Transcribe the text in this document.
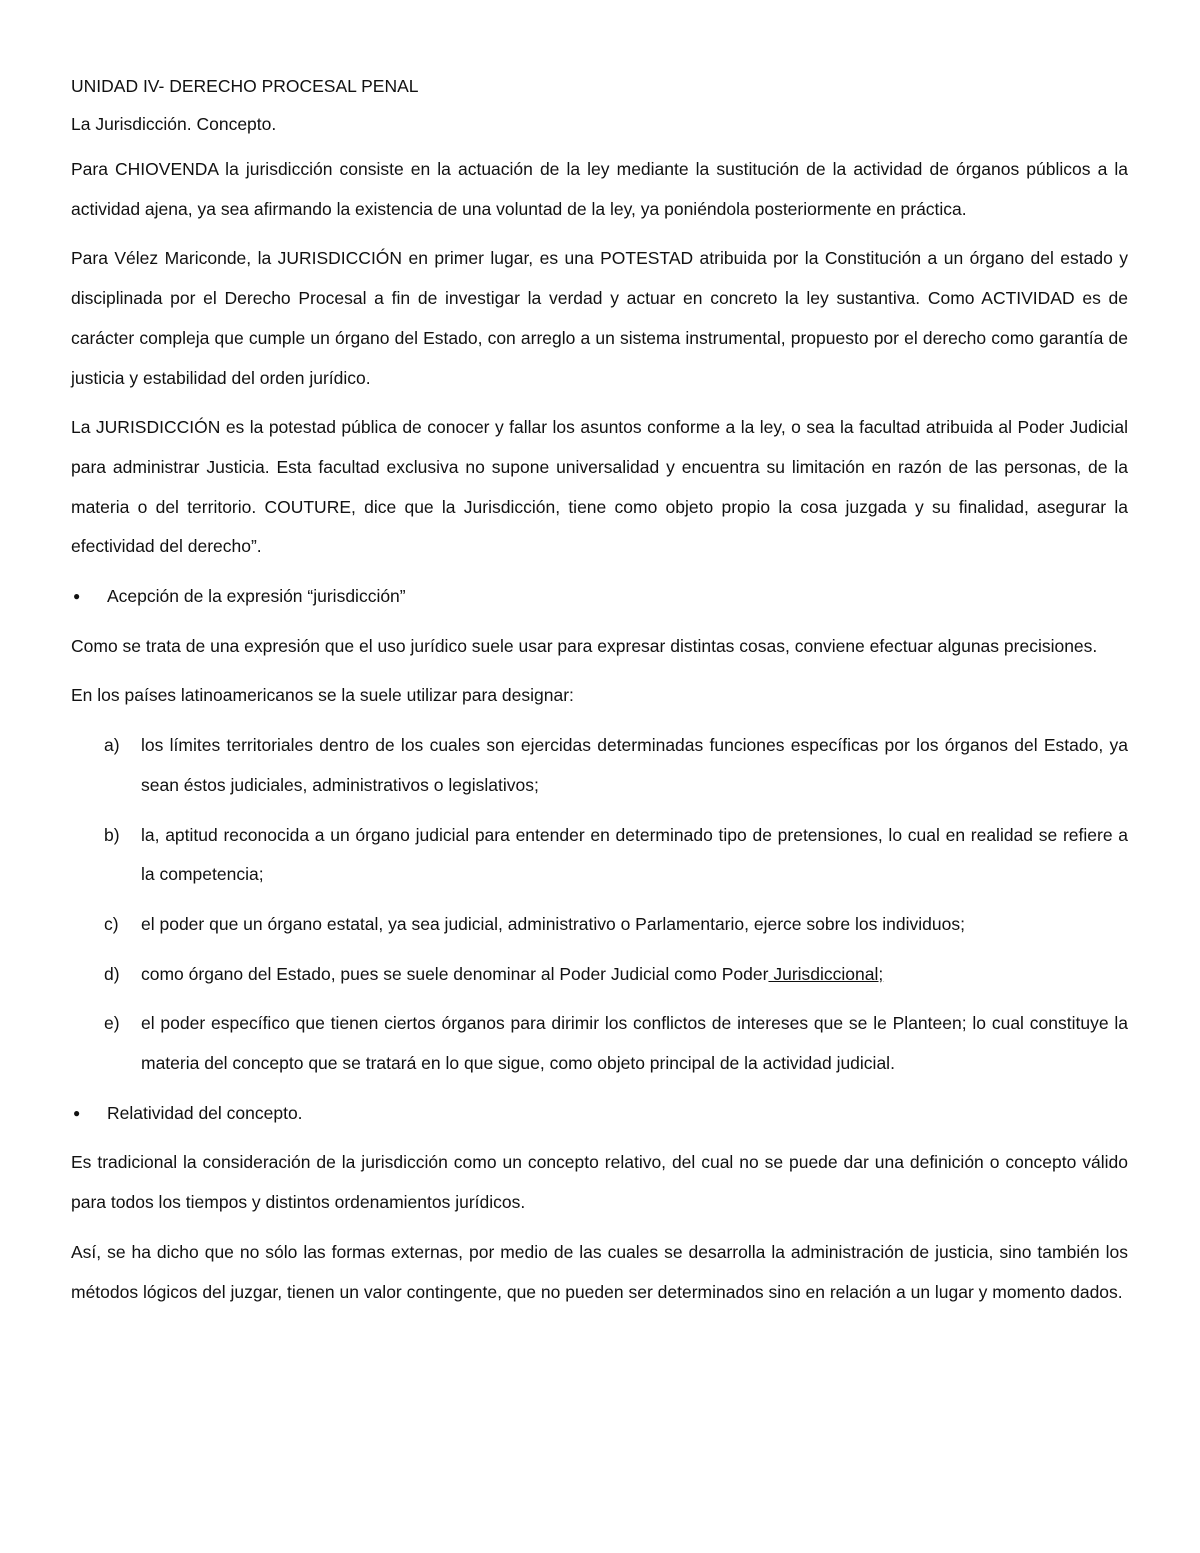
UNIDAD IV- DERECHO PROCESAL PENAL
La Jurisdicción. Concepto.

Para CHIOVENDA la jurisdicción consiste en la actuación de la ley mediante la sustitución de la actividad de órganos públicos a la actividad ajena, ya sea afirmando la existencia de una voluntad de la ley, ya poniéndola posteriormente en práctica.

Para Vélez Mariconde, la JURISDICCIÓN en primer lugar, es una POTESTAD atribuida por la Constitución a un órgano del estado y disciplinada por el Derecho Procesal a fin de investigar la verdad y actuar en concreto la ley sustantiva. Como ACTIVIDAD es de carácter compleja que cumple un órgano del Estado, con arreglo a un sistema instrumental, propuesto por el derecho como garantía de justicia y estabilidad del orden jurídico.

La JURISDICCIÓN es la potestad pública de conocer y fallar los asuntos conforme a la ley, o sea la facultad atribuida al Poder Judicial para administrar Justicia. Esta facultad exclusiva no supone universalidad y encuentra su limitación en razón de las personas, de la materia o del territorio. COUTURE, dice que la Jurisdicción, tiene como objeto propio la cosa juzgada y su finalidad, asegurar la efectividad del derecho”.

●	Acepción de la expresión “jurisdicción”

Como se trata de una expresión que el uso jurídico suele usar para expresar distintas cosas, conviene efectuar algunas precisiones.

En los países latinoamericanos se la suele utilizar para designar:

a)	los límites territoriales dentro de los cuales son ejercidas determinadas funciones específicas por los órganos del Estado, ya sean éstos judiciales, administrativos o legislativos;
b)	la, aptitud reconocida a un órgano judicial para entender en determinado tipo de pretensiones, lo cual en realidad se refiere a la competencia;
c)	el poder que un órgano estatal, ya sea judicial, administrativo o Parlamentario, ejerce sobre los individuos;
d)	como órgano del Estado, pues se suele denominar al Poder Judicial como Poder Jurisdiccional;
e)	el poder específico que tienen ciertos órganos para dirimir los conflictos de intereses que se le Planteen; lo cual constituye la materia del concepto que se tratará en lo que sigue, como objeto principal de la actividad judicial.
●	Relatividad del concepto.

Es tradicional la consideración de la jurisdicción como un concepto relativo, del cual no se puede dar una definición o concepto válido para todos los tiempos y distintos ordenamientos jurídicos.

Así, se ha dicho que no sólo las formas externas, por medio de las cuales se desarrolla la administración de justicia, sino también los métodos lógicos del juzgar, tienen un valor contingente, que no pueden ser determinados sino en relación a un lugar y momento dados.
